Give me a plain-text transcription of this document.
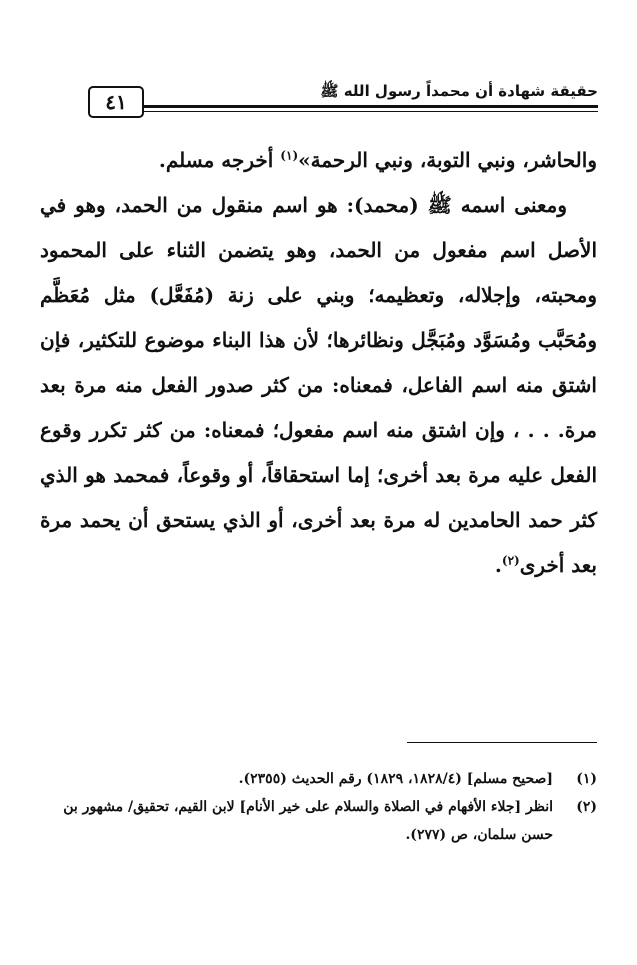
حقيقة شهادة أن محمداً رسول الله ﷺ
٤١

والحاشر، ونبي التوبة، ونبي الرحمة»$^{(١)}$ أخرجه مسلم.

ومعنى اسمه ﷺ (محمد): هو اسم منقول من الحمد، وهو في الأصل اسم مفعول من الحمد، وهو يتضمن الثناء على المحمود ومحبته، وإجلاله، وتعظيمه؛ وبني على زنة (مُفَعَّل) مثل مُعَظَّم ومُحَبَّب ومُسَوَّد ومُبَجَّل ونظائرها؛ لأن هذا البناء موضوع للتكثير، فإن اشتق منه اسم الفاعل، فمعناه: من كثر صدور الفعل منه مرة بعد مرة. . . ، وإن اشتق منه اسم مفعول؛ فمعناه: من كثر تكرر وقوع الفعل عليه مرة بعد أخرى؛ إما استحقاقاً، أو وقوعاً، فمحمد هو الذي كثر حمد الحامدين له مرة بعد أخرى، أو الذي يستحق أن يحمد مرة بعد أخرى$^{(٢)}$.

(١)
[صحيح مسلم] (١٨٢٨/٤، ١٨٢٩) رقم الحديث (٢٣٥٥).
(٢)
انظر [جلاء الأفهام في الصلاة والسلام على خير الأنام] لابن القيم، تحقيق/ مشهور بن حسن سلمان، ص (٢٧٧).
